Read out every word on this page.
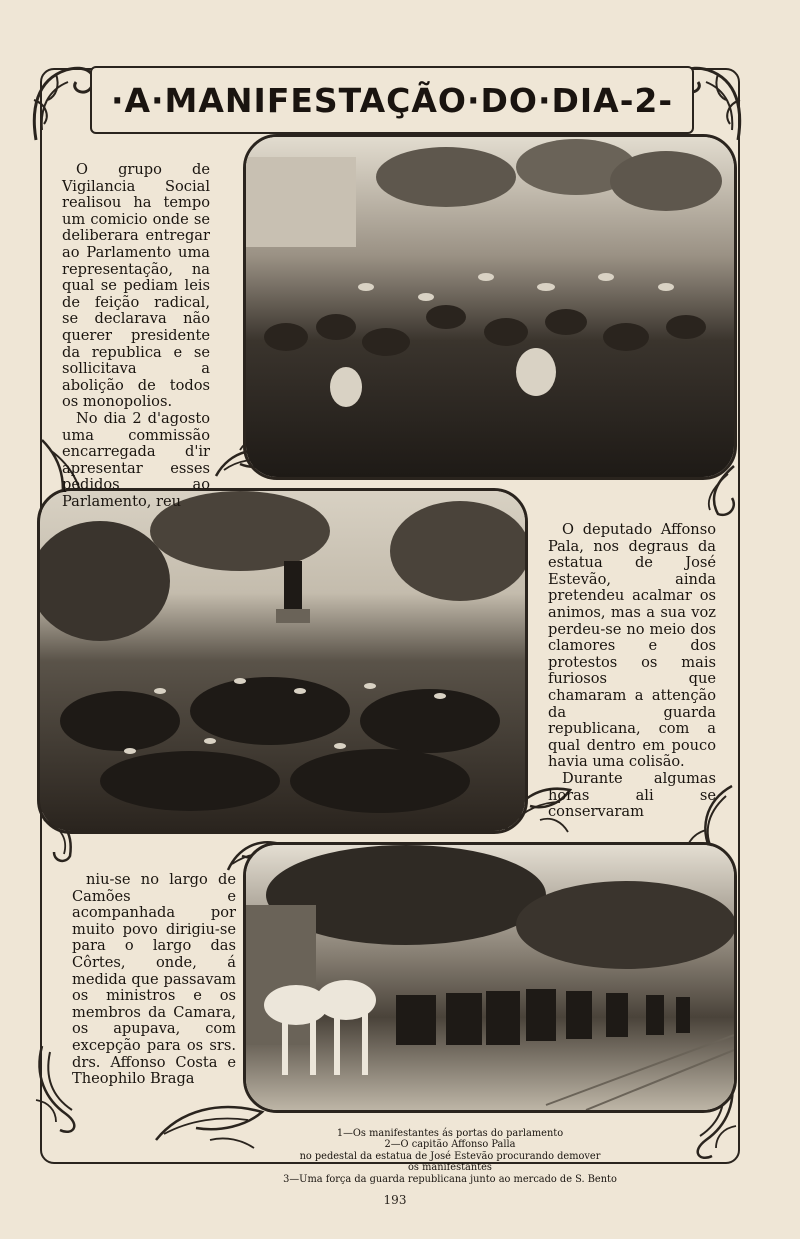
·A·MANIFESTAÇÃO·DO·DIA-2-

O grupo de Vigilancia Social realisou ha tempo um comicio onde se deliberara entregar ao Parlamento uma representação, na qual se pediam leis de feição radical, se declarava não querer presidente da republica e se sollicitava a abolição de todos os monopolios.

No dia 2 d'agosto uma commissão encarregada d'ir apresentar esses pedidos ao Parlamento, reu

O deputado Affonso Pala, nos degraus da estatua de José Estevão, ainda pretendeu acalmar os animos, mas a sua voz perdeu-se no meio dos clamores e dos protestos os mais furiosos que chamaram a attenção da guarda republicana, com a qual dentro em pouco havia uma colisão.

Durante algumas horas ali se conservaram

niu-se no largo de Camões e acompanhada por muito povo dirigiu-se para o largo das Côrtes, onde, á medida que passavam os ministros e os membros da Camara, os apupava, com excepção para os srs. drs. Affonso Costa e Theophilo Braga

1—Os manifestantes ás portas do parlamento
2—O capitão Affonso Palla
no pedestal da estatua de José Estevão procurando demover
os manifestantes
3—Uma força da guarda republicana junto ao mercado de S. Bento
193
